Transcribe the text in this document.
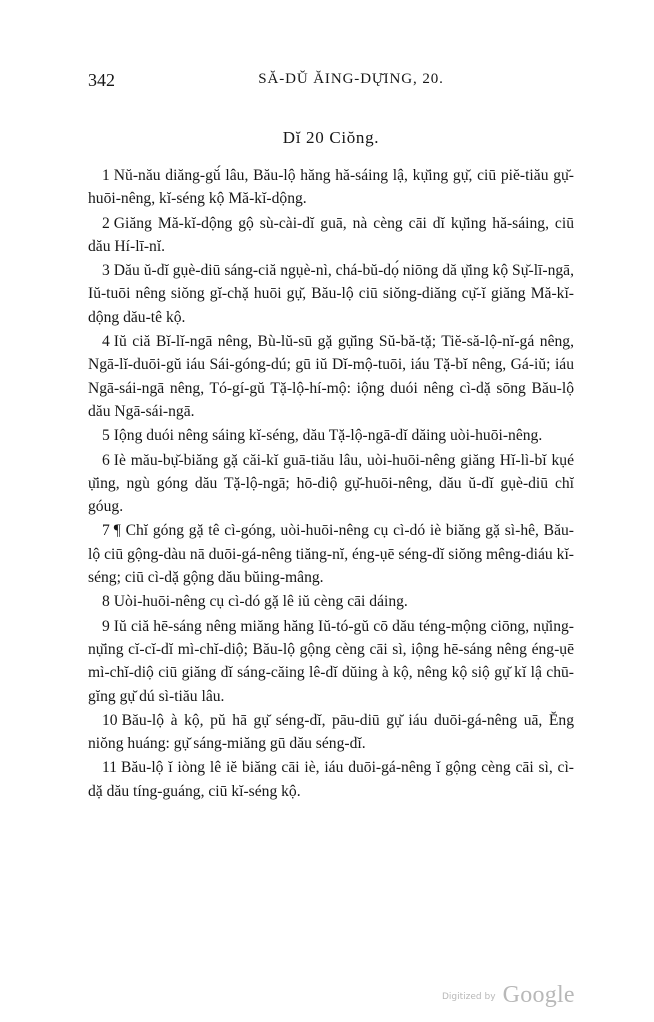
342	SĂ-DŬ ĂING-DŲ̆ING, 20.
Dĭ 20 Ciŏng.

1 Nŭ-nău diăng-gŭ́ lâu, Bău-lộ hăng hă-sáing lậ, kụ̆ing gụ̆, ciū piĕ-tiău gụ̆-huōi-nêng, kĭ-séng kộ Mă-kĭ-dộng.

2 Giăng Mă-kĭ-dộng gộ sù-cài-dĭ guā, nà cèng cāi dĭ kụ̆ing hă-sáing, ciū dău Hí-lī-nĭ.

3 Dău ŭ-dĭ gụè-diū sáng-ciă ngụè-nì, chá-bŭ-dọ́ niōng dă ụ̆ing kộ Sụ̆-lī-ngā, Iŭ-tuōi nêng siŏng gĭ-chặ huōi gụ̆, Bău-lộ ciū siŏng-diăng cụ̆-ĭ giăng Mă-kĭ-dộng dău-tê kộ.

4 Iŭ ciă Bĭ-lĭ-ngā nêng, Bù-lŭ-sū gặ gụ̆ing Sŭ-bă-tặ; Tiĕ-să-lộ-nĭ-gá nêng, Ngā-lĭ-duōi-gŭ iáu Sái-góng-dú; gū iŭ Dĭ-mộ-tuōi, iáu Tặ-bĭ nêng, Gá-iŭ; iáu Ngā-sái-ngā nêng, Tó-gí-gŭ Tặ-lộ-hí-mộ: iộng duói nêng cì-dặ sōng Bău-lộ dău Ngā-sái-ngā.

5 Iộng duói nêng sáing kĭ-séng, dău Tặ-lộ-ngā-dĭ dăing uòi-huōi-nêng.

6 Iè mău-bụ̆-biăng gặ căi-kĭ guā-tiău lâu, uòi-huōi-nêng giăng Hĭ-lì-bĭ kụé ụ̆ing, ngù góng dău Tặ-lộ-ngā; hō-diộ gụ̆-huōi-nêng, dău ŭ-dĭ gụè-diū chĭ góug.

7 ¶ Chĭ góng gặ tê cì-góng, uòi-huōi-nêng cụ cì-dó iè biăng gặ sì-hê, Bău-lộ ciū gộng-dàu nā duōi-gá-nêng tiăng-nĭ, éng-ụē séng-dĭ siŏng mêng-diáu kĭ-séng; ciū cì-dặ gộng dău bŭing-mâng.

8 Uòi-huōi-nêng cụ cì-dó gặ lê iŭ cèng cāi dáing.

9 Iŭ ciă hē-sáng nêng miăng hăng Iŭ-tó-gŭ cō dău téng-mộng ciōng, nụ̆ing-nụ̆ing cĭ-cĭ-dĭ mì-chĭ-diộ; Bău-lộ gộng cèng cāi sì, iộng hē-sáng nêng éng-ụē mì-chĭ-diộ ciū giăng dĭ sáng-căing lê-dĭ dŭing à kộ, nêng kộ siộ gụ̆ kĭ lậ chū-gĭng gụ̆ dú sì-tiău lâu.

10 Bău-lộ à kộ, pŭ hā gụ̆ séng-dĭ, pāu-diū gụ̆ iáu duōi-gá-nêng uā, Ĕng niŏng huáng: gụ̆ sáng-miăng gū dău séng-dĭ.

11 Bău-lộ ĭ iòng lê iĕ biăng cāi iè, iáu duōi-gá-nêng ĭ gộng cèng cāi sì, cì-dặ dău tíng-guáng, ciū kĭ-séng kộ.

Digitized by Google
